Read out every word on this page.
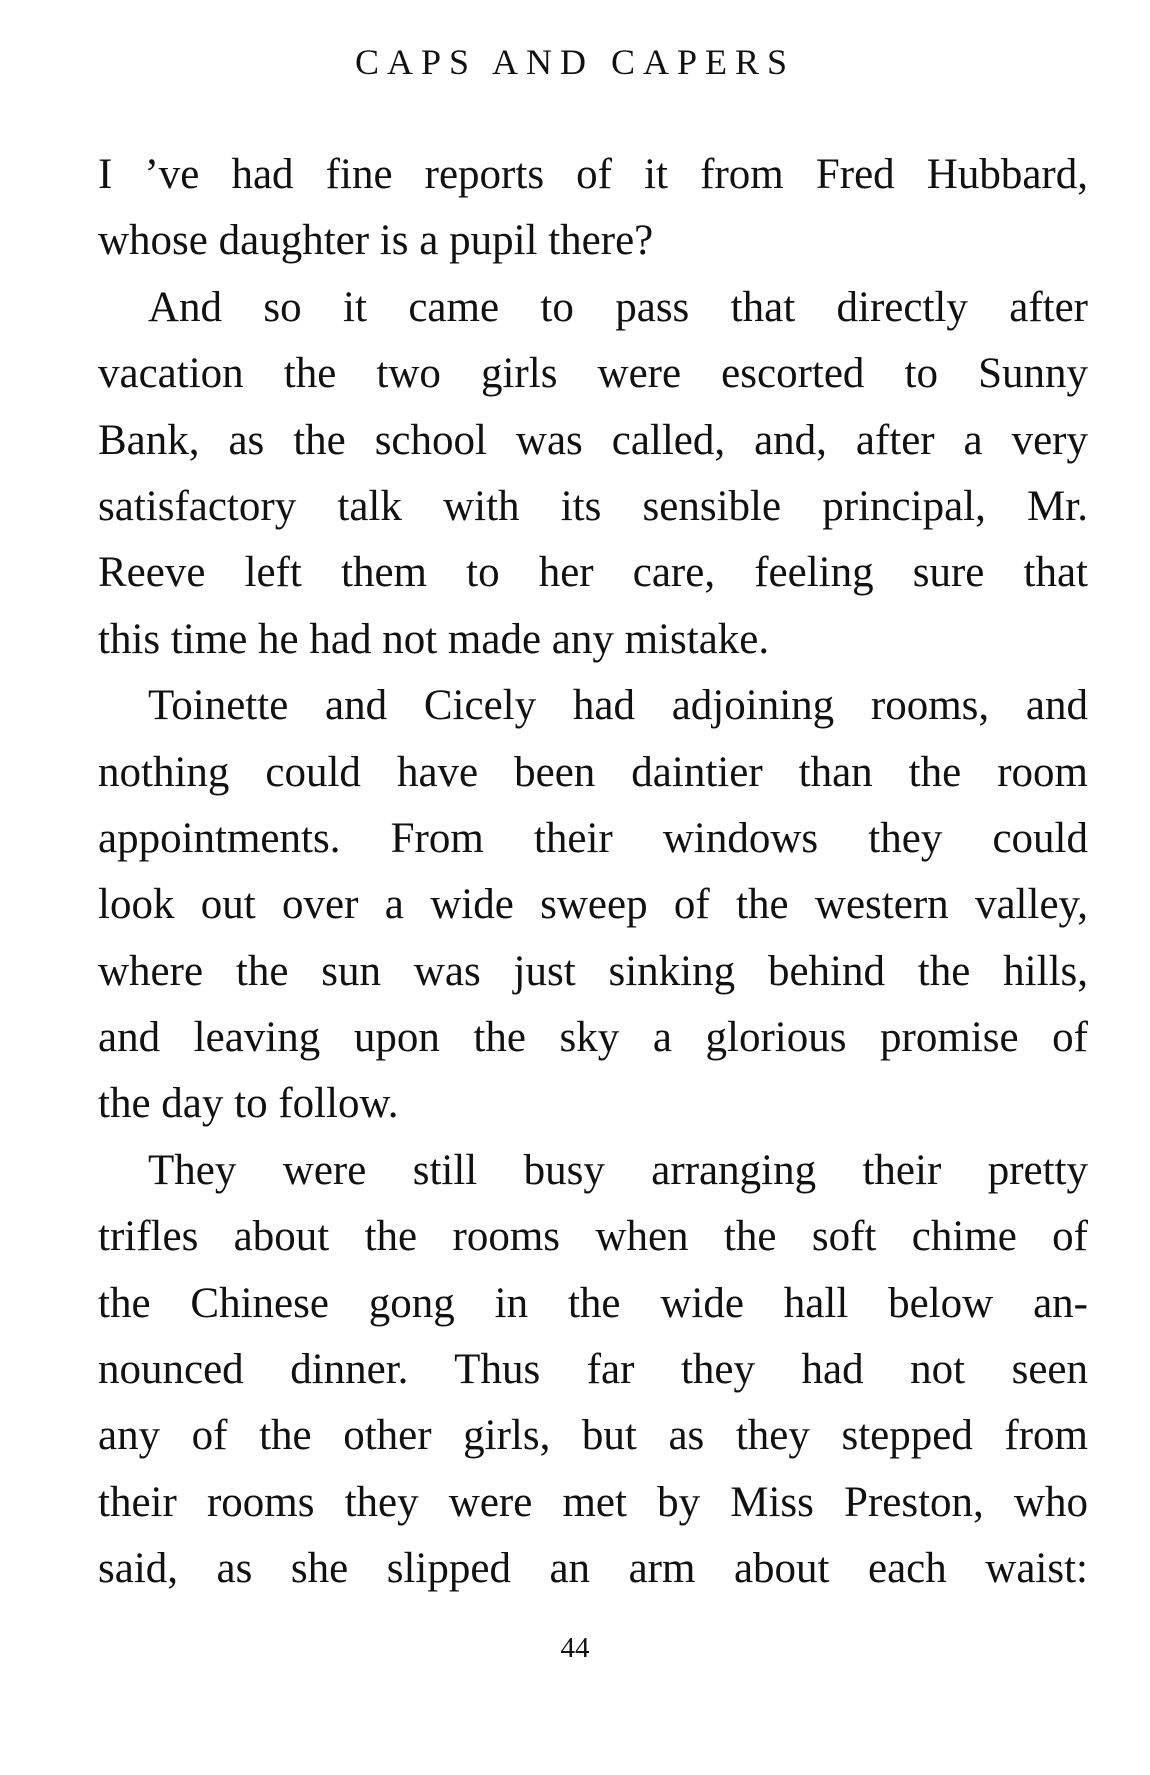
CAPS AND CAPERS
I ’ve had fine reports of it from Fred Hubbard,
whose daughter is a pupil there?
And so it came to pass that directly after
vacation the two girls were escorted to Sunny
Bank, as the school was called, and, after a very
satisfactory talk with its sensible principal, Mr.
Reeve left them to her care, feeling sure that
this time he had not made any mistake.
Toinette and Cicely had adjoining rooms, and
nothing could have been daintier than the room
appointments. From their windows they could
look out over a wide sweep of the western valley,
where the sun was just sinking behind the hills,
and leaving upon the sky a glorious promise of
the day to follow.
They were still busy arranging their pretty
trifles about the rooms when the soft chime of
the Chinese gong in the wide hall below an-
nounced dinner. Thus far they had not seen
any of the other girls, but as they stepped from
their rooms they were met by Miss Preston, who
said, as she slipped an arm about each waist:
44
